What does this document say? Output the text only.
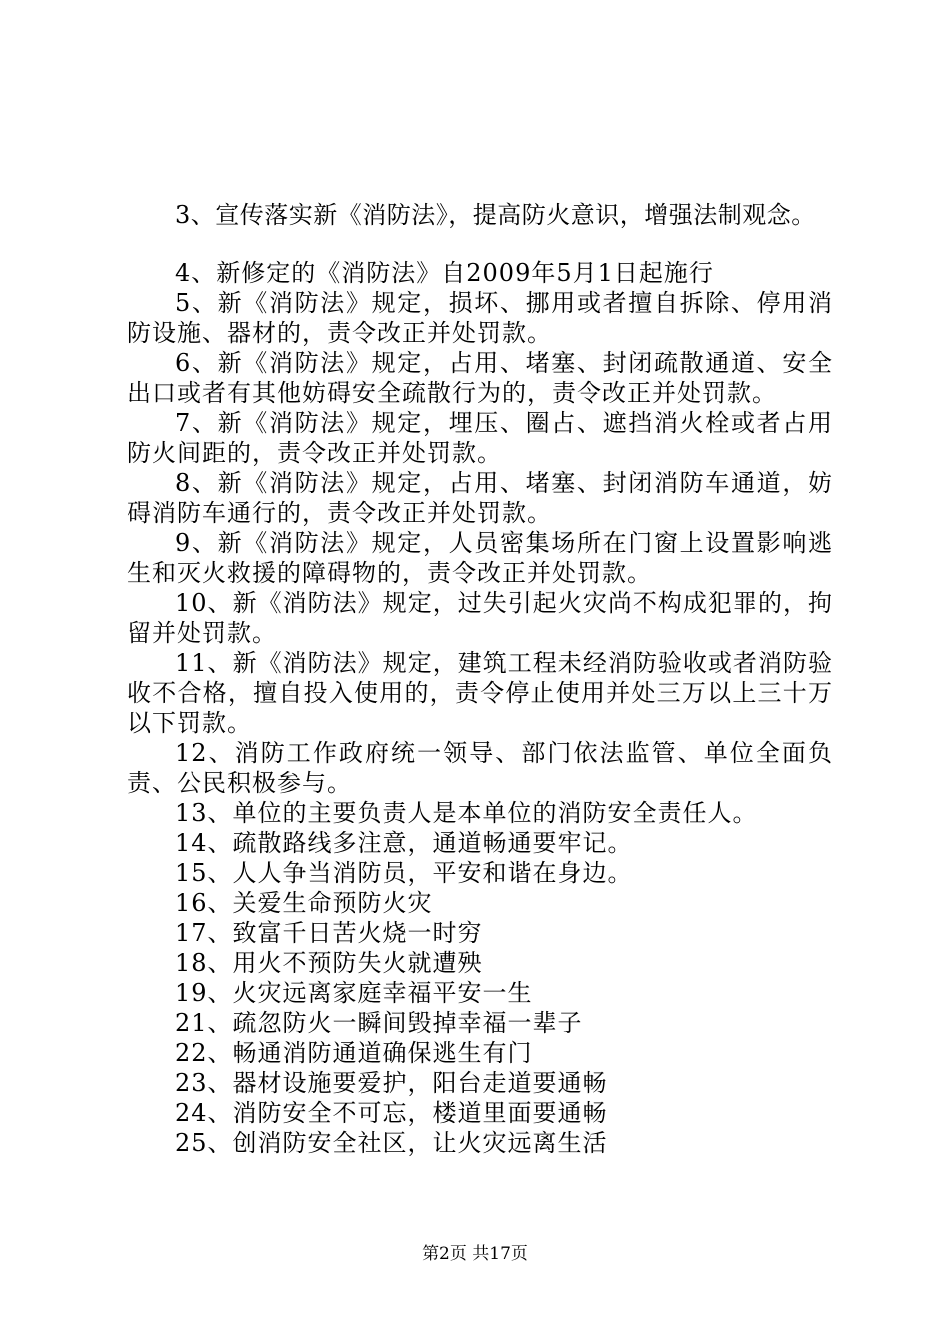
3、宣传落实新《消防法》，提高防火意识，增强法制观念。

4、新修定的《消防法》自2009年5月1日起施行

5、新《消防法》规定，损坏、挪用或者擅自拆除、停用消防设施、器材的，责令改正并处罚款。

6、新《消防法》规定，占用、堵塞、封闭疏散通道、安全出口或者有其他妨碍安全疏散行为的，责令改正并处罚款。

7、新《消防法》规定，埋压、圈占、遮挡消火栓或者占用防火间距的，责令改正并处罚款。

8、新《消防法》规定，占用、堵塞、封闭消防车通道，妨碍消防车通行的，责令改正并处罚款。

9、新《消防法》规定，人员密集场所在门窗上设置影响逃生和灭火救援的障碍物的，责令改正并处罚款。

10、新《消防法》规定，过失引起火灾尚不构成犯罪的，拘留并处罚款。

11、新《消防法》规定，建筑工程未经消防验收或者消防验收不合格，擅自投入使用的，责令停止使用并处三万以上三十万以下罚款。

12、消防工作政府统一领导、部门依法监管、单位全面负责、公民积极参与。

13、单位的主要负责人是本单位的消防安全责任人。

14、疏散路线多注意，通道畅通要牢记。

15、人人争当消防员，平安和谐在身边。

16、关爱生命预防火灾

17、致富千日苦火烧一时穷

18、用火不预防失火就遭殃

19、火灾远离家庭幸福平安一生

21、疏忽防火一瞬间毁掉幸福一辈子

22、畅通消防通道确保逃生有门

23、器材设施要爱护，阳台走道要通畅

24、消防安全不可忘，楼道里面要通畅

25、创消防安全社区，让火灾远离生活

第2页 共17页
